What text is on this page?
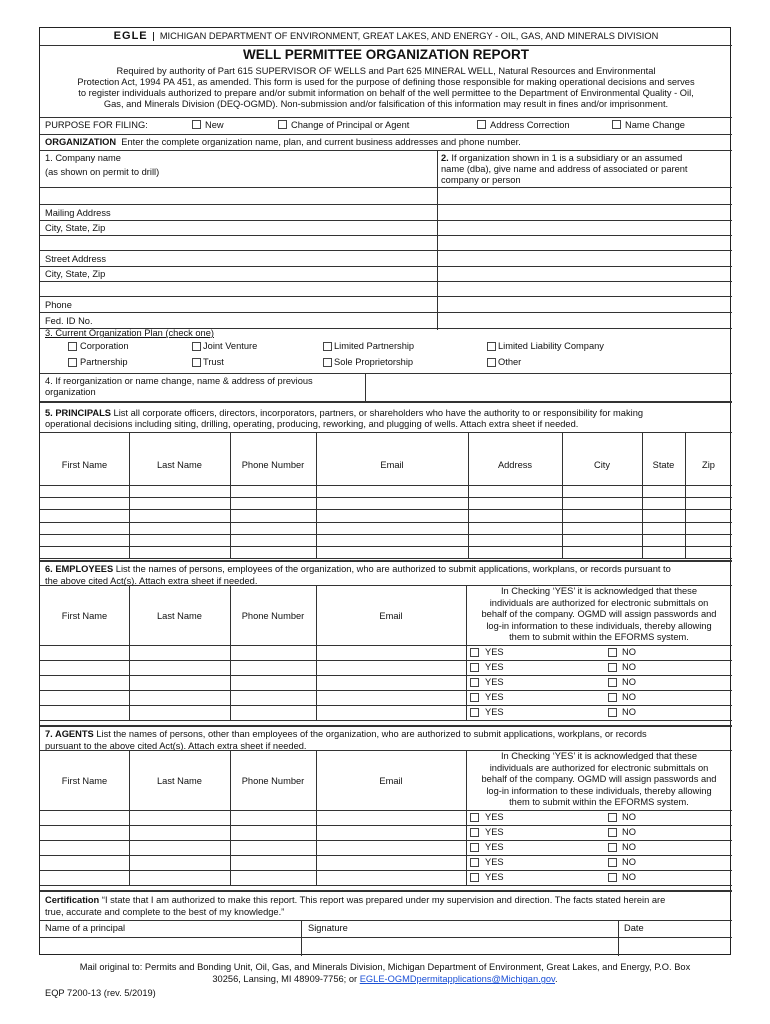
EGLE MICHIGAN DEPARTMENT OF ENVIRONMENT, GREAT LAKES, AND ENERGY - OIL, GAS, AND MINERALS DIVISION
WELL PERMITTEE ORGANIZATION REPORT
Required by authority of Part 615 SUPERVISOR OF WELLS and Part 625 MINERAL WELL, Natural Resources and Environmental
Protection Act, 1994 PA 451, as amended. This form is used for the purpose of defining those responsible for making operational decisions and serves
to register individuals authorized to prepare and/or submit information on behalf of the well permittee to the Department of Environmental Quality - Oil,
Gas, and Minerals Division (DEQ-OGMD). Non-submission and/or falsification of this information may result in fines and/or imprisonment.
PURPOSE FOR FILING:	New	Change of Principal or Agent	Address Correction	Name Change
ORGANIZATION Enter the complete organization name, plan, and current business addresses and phone number.
1. Company name
(as shown on permit to drill)
2. If organization shown in 1 is a subsidiary or an assumed
name (dba), give name and address of associated or parent
company or person
Mailing Address
City, State, Zip
Street Address
City, State, Zip
Phone
Fed. ID No.
3. Current Organization Plan (check one)
Corporation	Joint Venture	Limited Partnership	Limited Liability Company
Partnership	Trust	Sole Proprietorship	Other
4. If reorganization or name change, name & address of previous
organization
5. PRINCIPALS List all corporate officers, directors, incorporators, partners, or shareholders who have the authority to or responsibility for making
operational decisions including siting, drilling, operating, producing, reworking, and plugging of wells. Attach extra sheet if needed.
6. EMPLOYEES List the names of persons, employees of the organization, who are authorized to submit applications, workplans, or records pursuant to
the above cited Act(s). Attach extra sheet if needed.
7. AGENTS List the names of persons, other than employees of the organization, who are authorized to submit applications, workplans, or records
pursuant to the above cited Act(s). Attach extra sheet if needed.
Certification “I state that I am authorized to make this report. This report was prepared under my supervision and direction. The facts stated herein are
true, accurate and complete to the best of my knowledge.”
Name of a principal	Signature	Date
First Name	Last Name	Phone Number	Email	Address	City	State	Zip
First Name	Last Name	Phone Number	Email
In Checking ‘YES’ it is acknowledged that these
individuals are authorized for electronic submittals on
behalf of the company. OGMD will assign passwords and
log-in information to these individuals, thereby allowing
them to submit within the EFORMS system.
YES	NO
YES	NO
YES	NO
YES	NO
YES	NO
First Name	Last Name	Phone Number	Email
In Checking ‘YES’ it is acknowledged that these
individuals are authorized for electronic submittals on
behalf of the company. OGMD will assign passwords and
log-in information to these individuals, thereby allowing
them to submit within the EFORMS system.
YES	NO
YES	NO
YES	NO
YES	NO
YES	NO
Mail original to: Permits and Bonding Unit, Oil, Gas, and Minerals Division, Michigan Department of Environment, Great Lakes, and Energy, P.O. Box
30256, Lansing, MI 48909-7756; or EGLE-OGMDpermitapplications@Michigan.gov.
EQP 7200-13 (rev. 5/2019)
